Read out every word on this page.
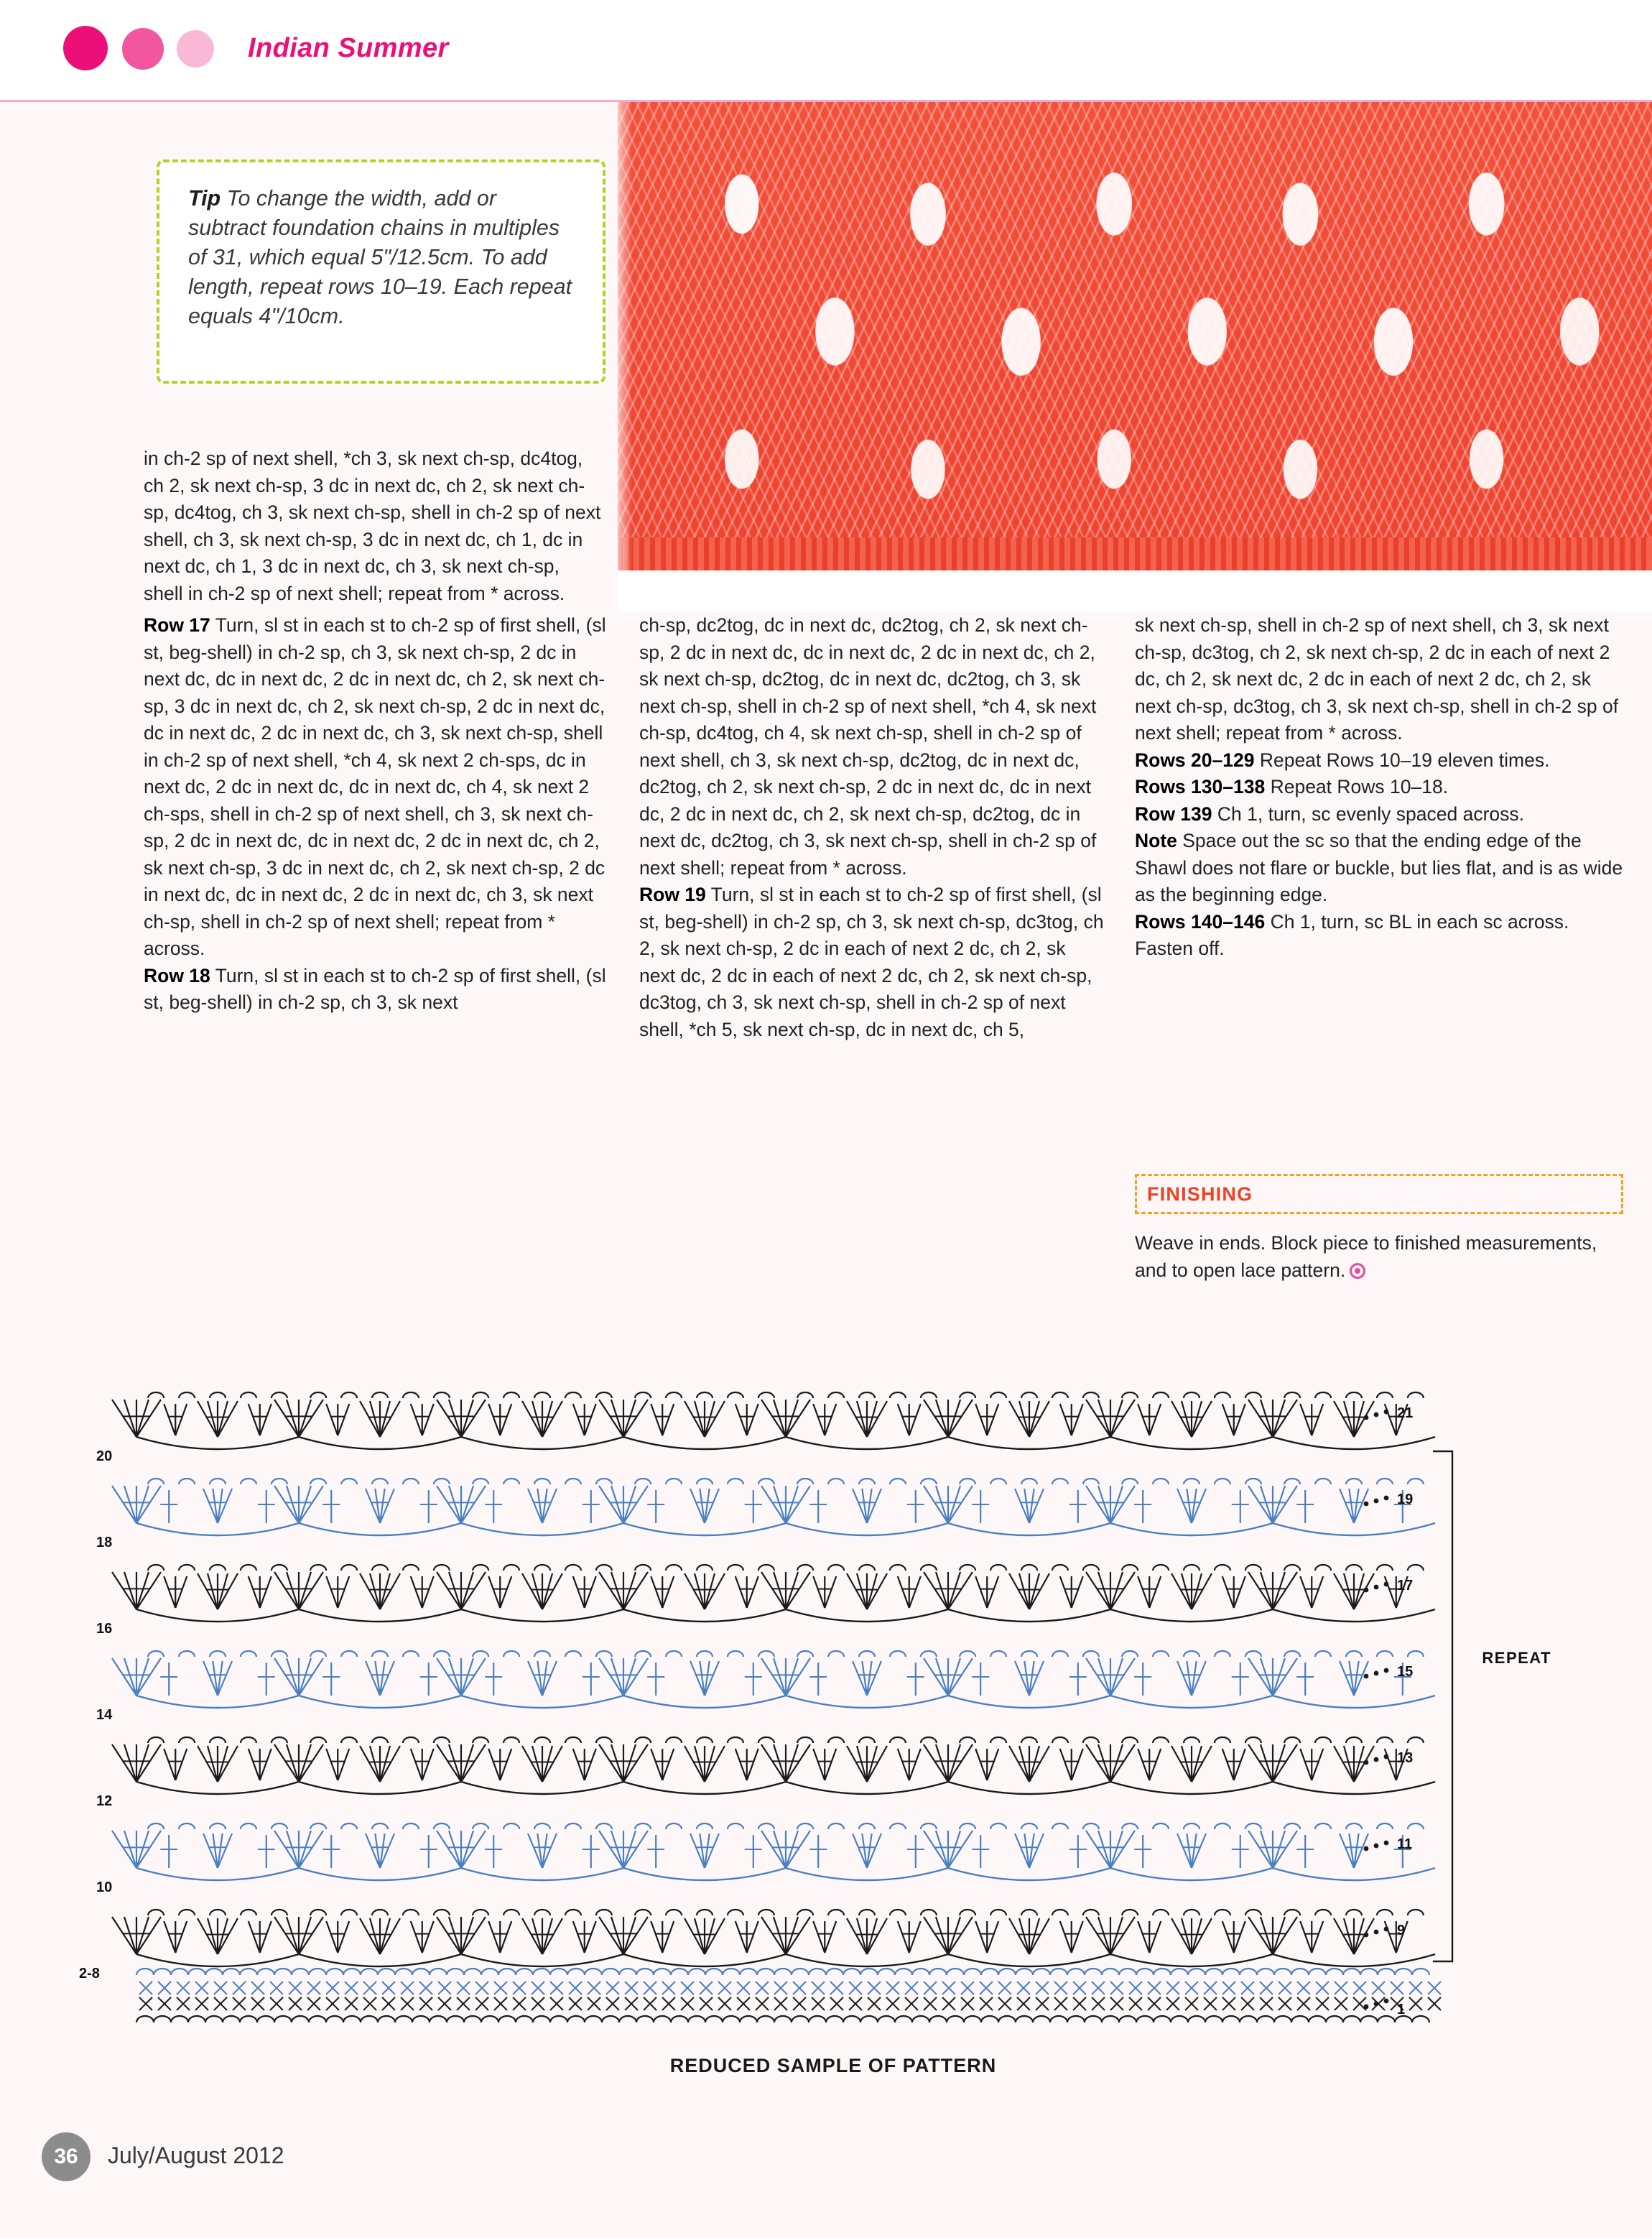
Indian Summer
Tip To change the width, add or subtract foundation chains in multiples of 31, which equal 5"/12.5cm. To add length, repeat rows 10–19. Each repeat equals 4"/10cm.

in ch-2 sp of next shell, *ch 3, sk next ch-sp, dc4tog, ch 2, sk next ch-sp, 3 dc in next dc, ch 2, sk next ch-sp, dc4tog, ch 3, sk next ch-sp, shell in ch-2 sp of next shell, ch 3, sk next ch-sp, 3 dc in next dc, ch 1, dc in next dc, ch 1, 3 dc in next dc, ch 3, sk next ch-sp, shell in ch-2 sp of next shell; repeat from * across.

Row 17 Turn, sl st in each st to ch-2 sp of first shell, (sl st, beg-shell) in ch-2 sp, ch 3, sk next ch-sp, 2 dc in next dc, dc in next dc, 2 dc in next dc, ch 2, sk next ch-sp, 3 dc in next dc, ch 2, sk next ch-sp, 2 dc in next dc, dc in next dc, 2 dc in next dc, ch 3, sk next ch-sp, shell in ch-2 sp of next shell, *ch 4, sk next 2 ch-sps, dc in next dc, 2 dc in next dc, dc in next dc, ch 4, sk next 2 ch-sps, shell in ch-2 sp of next shell, ch 3, sk next ch-sp, 2 dc in next dc, dc in next dc, 2 dc in next dc, ch 2, sk next ch-sp, 3 dc in next dc, ch 2, sk next ch-sp, 2 dc in next dc, dc in next dc, 2 dc in next dc, ch 3, sk next ch-sp, shell in ch-2 sp of next shell; repeat from * across.

Row 18 Turn, sl st in each st to ch-2 sp of first shell, (sl st, beg-shell) in ch-2 sp, ch 3, sk next

ch-sp, dc2tog, dc in next dc, dc2tog, ch 2, sk next ch-sp, 2 dc in next dc, dc in next dc, 2 dc in next dc, ch 2, sk next ch-sp, dc2tog, dc in next dc, dc2tog, ch 3, sk next ch-sp, shell in ch-2 sp of next shell, *ch 4, sk next ch-sp, dc4tog, ch 4, sk next ch-sp, shell in ch-2 sp of next shell, ch 3, sk next ch-sp, dc2tog, dc in next dc, dc2tog, ch 2, sk next ch-sp, 2 dc in next dc, dc in next dc, 2 dc in next dc, ch 2, sk next ch-sp, dc2tog, dc in next dc, dc2tog, ch 3, sk next ch-sp, shell in ch-2 sp of next shell; repeat from * across.

Row 19 Turn, sl st in each st to ch-2 sp of first shell, (sl st, beg-shell) in ch-2 sp, ch 3, sk next ch-sp, dc3tog, ch 2, sk next ch-sp, 2 dc in each of next 2 dc, ch 2, sk next dc, 2 dc in each of next 2 dc, ch 2, sk next ch-sp, dc3tog, ch 3, sk next ch-sp, shell in ch-2 sp of next shell, *ch 5, sk next ch-sp, dc in next dc, ch 5,

sk next ch-sp, shell in ch-2 sp of next shell, ch 3, sk next ch-sp, dc3tog, ch 2, sk next ch-sp, 2 dc in each of next 2 dc, ch 2, sk next dc, 2 dc in each of next 2 dc, ch 2, sk next ch-sp, dc3tog, ch 3, sk next ch-sp, shell in ch-2 sp of next shell; repeat from * across.

Rows 20–129 Repeat Rows 10–19 eleven times.

Rows 130–138 Repeat Rows 10–18.

Row 139 Ch 1, turn, sc evenly spaced across.

Note Space out the sc so that the ending edge of the Shawl does not flare or buckle, but lies flat, and is as wide as the beginning edge.

Rows 140–146 Ch 1, turn, sc BL in each sc across.

Fasten off.

FINISHING
Weave in ends. Block piece to finished measurements, and to open lace pattern.
REPEAT
REDUCED SAMPLE OF PATTERN
20
18
16
14
12
10
2-8
21
19
17
15
13
11
9
1
36	July/August 2012
